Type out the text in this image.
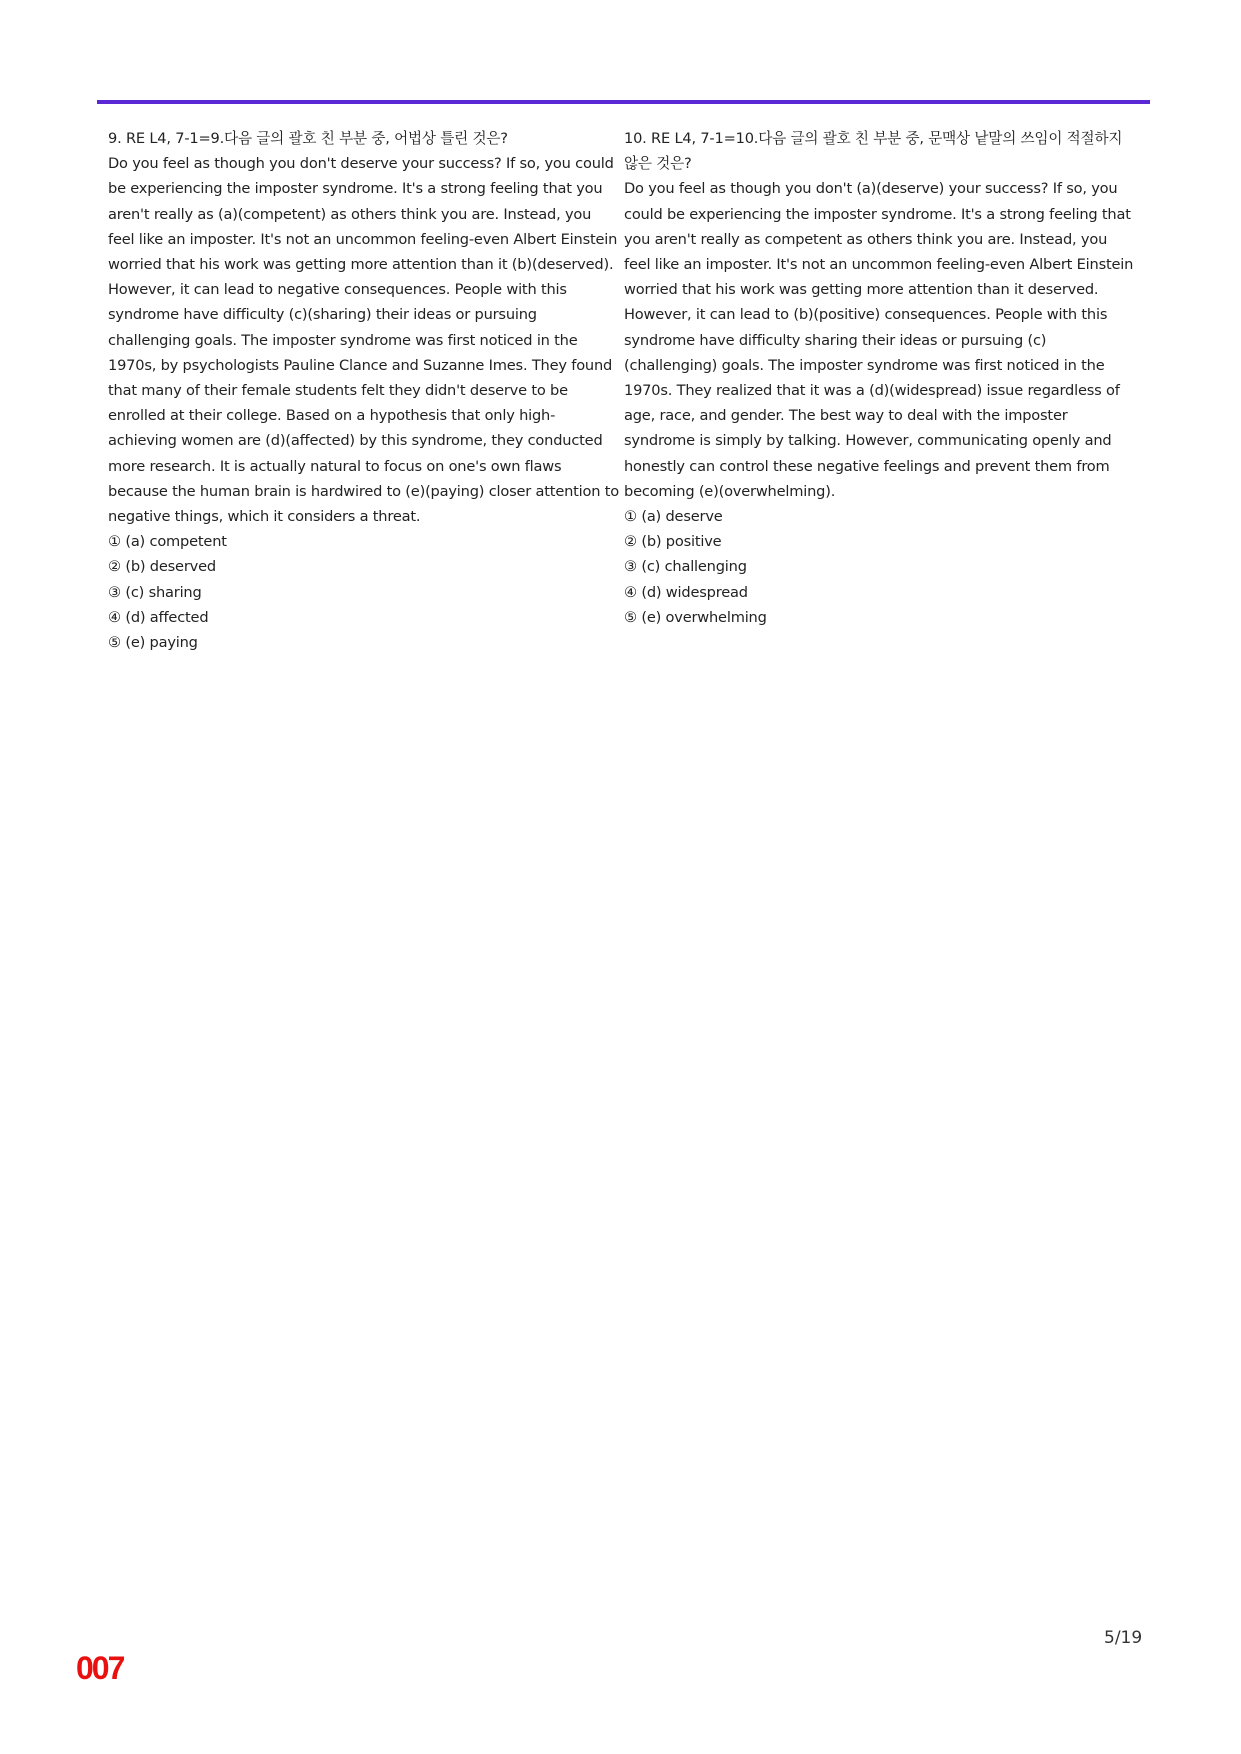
9. RE L4, 7-1=9.다음 글의 괄호 친 부분 중, 어법상 틀린 것은?

Do you feel as though you don't deserve your success? If so, you could be experiencing the imposter syndrome. It's a strong feeling that you aren't really as (a)(competent) as others think you are. Instead, you feel like an imposter. It's not an uncommon feeling-even Albert Einstein worried that his work was getting more attention than it (b)(deserved). However, it can lead to negative consequences. People with this syndrome have difficulty (c)(sharing) their ideas or pursuing challenging goals. The imposter syndrome was first noticed in the 1970s, by psychologists Pauline Clance and Suzanne Imes. They found that many of their female students felt they didn't deserve to be enrolled at their college. Based on a hypothesis that only high-achieving women are (d)(affected) by this syndrome, they conducted more research. It is actually natural to focus on one's own flaws because the human brain is hardwired to (e)(paying) closer attention to negative things, which it considers a threat.

① (a) competent
② (b) deserved
③ (c) sharing
④ (d) affected
⑤ (e) paying

10. RE L4, 7-1=10.다음 글의 괄호 친 부분 중, 문맥상 낱말의 쓰임이 적절하지 않은 것은?

Do you feel as though you don't (a)(deserve) your success? If so, you could be experiencing the imposter syndrome. It's a strong feeling that you aren't really as competent as others think you are. Instead, you feel like an imposter. It's not an uncommon feeling-even Albert Einstein worried that his work was getting more attention than it deserved. However, it can lead to (b)(positive) consequences. People with this syndrome have difficulty sharing their ideas or pursuing (c)(challenging) goals. The imposter syndrome was first noticed in the 1970s. They realized that it was a (d)(widespread) issue regardless of age, race, and gender. The best way to deal with the imposter syndrome is simply by talking. However, communicating openly and honestly can control these negative feelings and prevent them from becoming (e)(overwhelming).

① (a) deserve
② (b) positive
③ (c) challenging
④ (d) widespread
⑤ (e) overwhelming
5/19
007
